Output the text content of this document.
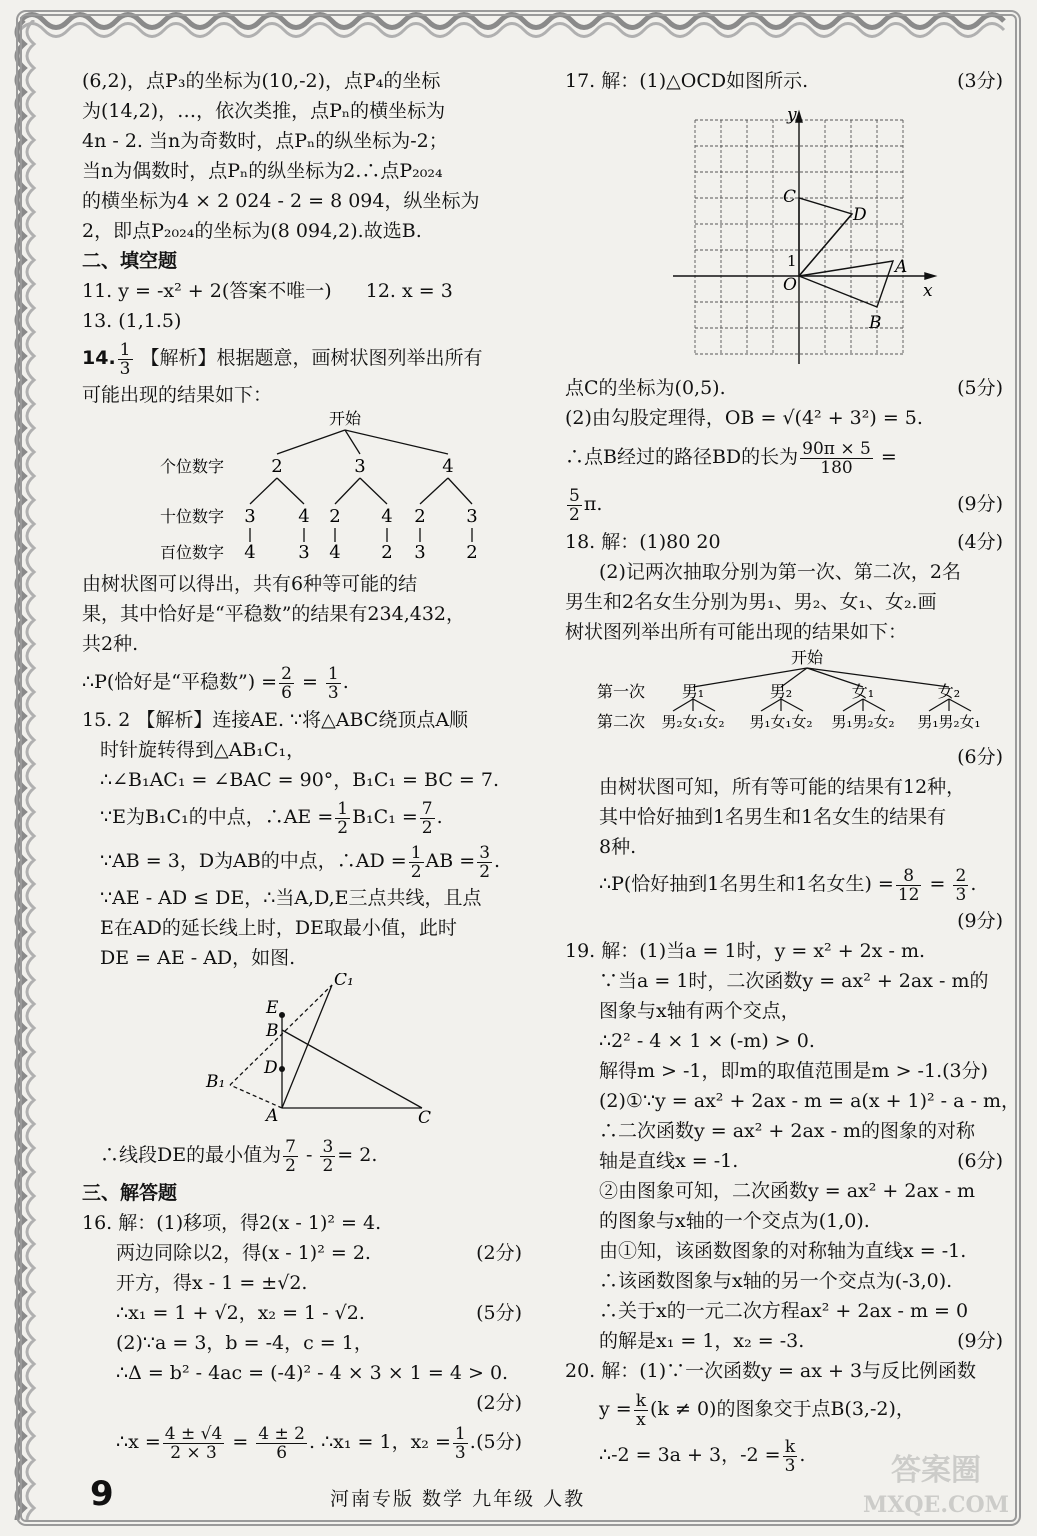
(6,2)，点P₃的坐标为(10,-2)，点P₄的坐标
为(14,2)，…，依次类推，点Pₙ的横坐标为
4n - 2. 当n为奇数时，点Pₙ的纵坐标为-2；
当n为偶数时，点Pₙ的纵坐标为2.∴点P₂₀₂₄
的横坐标为4 × 2 024 - 2 = 8 094，纵坐标为
2，即点P₂₀₂₄的坐标为(8 094,2).故选B.
二、填空题
11. y = -x² + 2(答案不唯一) 12. x = 3
13. (1,1.5)
14. $\frac{1}{3}$ 【解析】根据题意，画树状图列举出所有
可能出现的结果如下：
开始
个位数字
十位数字
百位数字
2	3	4
3 4 2 4 2 3
4 3 4 2 3 2
由树状图可以得出，共有6种等可能的结
果，其中恰好是“平稳数”的结果有234,432，
共2种.
∴P(恰好是“平稳数”) = $\frac{2}{6} = \frac{1}{3}$ .
15. 2 【解析】连接AE. ∵将△ABC绕顶点A顺
时针旋转得到△AB₁C₁，
∴∠B₁AC₁ = ∠BAC = 90°，B₁C₁ = BC = 7.
∵E为B₁C₁的中点，∴AE = $\frac{1}{2} B_1C_1 = \frac{7}{2}$ .
∵AB = 3，D为AB的中点，∴AD = $\frac{1}{2}$ AB = $\frac{3}{2}$ .
∵AE - AD ≤ DE，∴当A,D,E三点共线，且点
E在AD的延长线上时，DE取最小值，此时
DE = AE - AD，如图.
C₁
E
B
D
B₁
A	C
∴线段DE的最小值为 $\frac{7}{2} - \frac{3}{2} = 2$.
三、解答题
16. 解：(1)移项，得2(x - 1)² = 4.
两边同除以2，得(x - 1)² = 2.	(2分)
开方，得x - 1 = ±√2.
∴x₁ = 1 + √2，x₂ = 1 - √2.	(5分)
(2)∵a = 3，b = -4，c = 1，
∴Δ = b² - 4ac = (-4)² - 4 × 3 × 1 = 4 > 0.
(2分)
∴x = $\frac{4 \pm √4}{2 \times 3} = \frac{4 \pm 2}{6}$ . ∴x₁ = 1，$x_2 = \frac{1}{3}$ . (5分)
17. 解：(1)△OCD如图所示.	(3分)
y
x
C
D
1
O
A
B
点C的坐标为(0,5).	(5分)
(2)由勾股定理得，OB = √(4² + 3²) = 5.
∴点B经过的路径BD的长为 $\frac{90\pi \times 5}{180}$ =
$\frac{5}{2} \pi$.	(9分)
18. 解：(1)80 20	(4分)
(2)记两次抽取分别为第一次、第二次，2名
男生和2名女生分别为男₁、男₂、女₁、女₂.画
树状图列举出所有可能出现的结果如下：
开始
第一次
第二次
男₁	男₂	女₁	女₂
男₂女₁女₂ 男₁女₁女₂ 男₁男₂女₂ 男₁男₂女₁
(6分)
由树状图可知，所有等可能的结果有12种，
其中恰好抽到1名男生和1名女生的结果有
8种.
∴P(恰好抽到1名男生和1名女生) = $\frac{8}{12} = \frac{2}{3}$ .
(9分)
19. 解：(1)当a = 1时，y = x² + 2x - m.
∵当a = 1时，二次函数y = ax² + 2ax - m的
图象与x轴有两个交点，
∴2² - 4 × 1 × (-m) > 0.
解得m > -1，即m的取值范围是m > -1.(3分)
(2)①∵y = ax² + 2ax - m = a(x + 1)² - a - m，
∴二次函数y = ax² + 2ax - m的图象的对称
轴是直线x = -1.	(6分)
②由图象可知，二次函数y = ax² + 2ax - m
的图象与x轴的一个交点为(1,0).
由①知，该函数图象的对称轴为直线x = -1.
∴该函数图象与x轴的另一个交点为(-3,0).
∴关于x的一元二次方程ax² + 2ax - m = 0
的解是x₁ = 1，x₂ = -3.	(9分)
20. 解：(1)∵一次函数y = ax + 3与反比例函数
$y = \frac{k}{x} (k \ne 0)$的图象交于点B(3,-2)，
∴-2 = 3a + 3，$-2 = \frac{k}{3}$ .
9	河南专版 数学 九年级 人教
答案圈
MXQE.COM
